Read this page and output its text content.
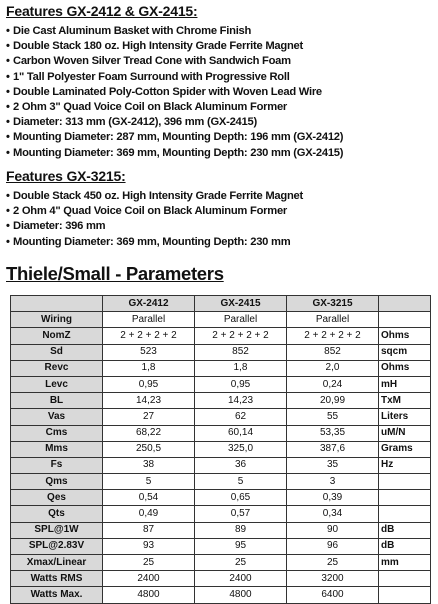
Features GX-2412 & GX-2415:
• Die Cast Aluminum Basket with Chrome Finish
• Double Stack 180 oz. High Intensity Grade Ferrite Magnet
• Carbon Woven Silver Tread Cone with Sandwich Foam
• 1" Tall Polyester Foam Surround with Progressive Roll
• Double Laminated Poly-Cotton Spider with Woven Lead Wire
• 2 Ohm 3" Quad Voice Coil on Black Aluminum Former
• Diameter: 313 mm (GX-2412), 396 mm (GX-2415)
• Mounting Diameter: 287 mm, Mounting Depth: 196 mm (GX-2412)
• Mounting Diameter: 369 mm, Mounting Depth: 230 mm (GX-2415)
Features GX-3215:
• Double Stack 450 oz. High Intensity Grade Ferrite Magnet
• 2 Ohm 4" Quad Voice Coil on Black Aluminum Former
• Diameter: 396 mm
• Mounting Diameter: 369 mm, Mounting Depth: 230 mm
Thiele/Small - Parameters
	GX-2412	GX-2415	GX-3215	
Wiring	Parallel	Parallel	Parallel	
NomZ	2 + 2 + 2 + 2	2 + 2 + 2 + 2	2 + 2 + 2 + 2	Ohms
Sd	523	852	852	sqcm
Revc	1,8	1,8	2,0	Ohms
Levc	0,95	0,95	0,24	mH
BL	14,23	14,23	20,99	TxM
Vas	27	62	55	Liters
Cms	68,22	60,14	53,35	uM/N
Mms	250,5	325,0	387,6	Grams
Fs	38	36	35	Hz
Qms	5	5	3	
Qes	0,54	0,65	0,39	
Qts	0,49	0,57	0,34	
SPL@1W	87	89	90	dB
SPL@2.83V	93	95	96	dB
Xmax/Linear	25	25	25	mm
Watts RMS	2400	2400	3200	
Watts Max.	4800	4800	6400	
